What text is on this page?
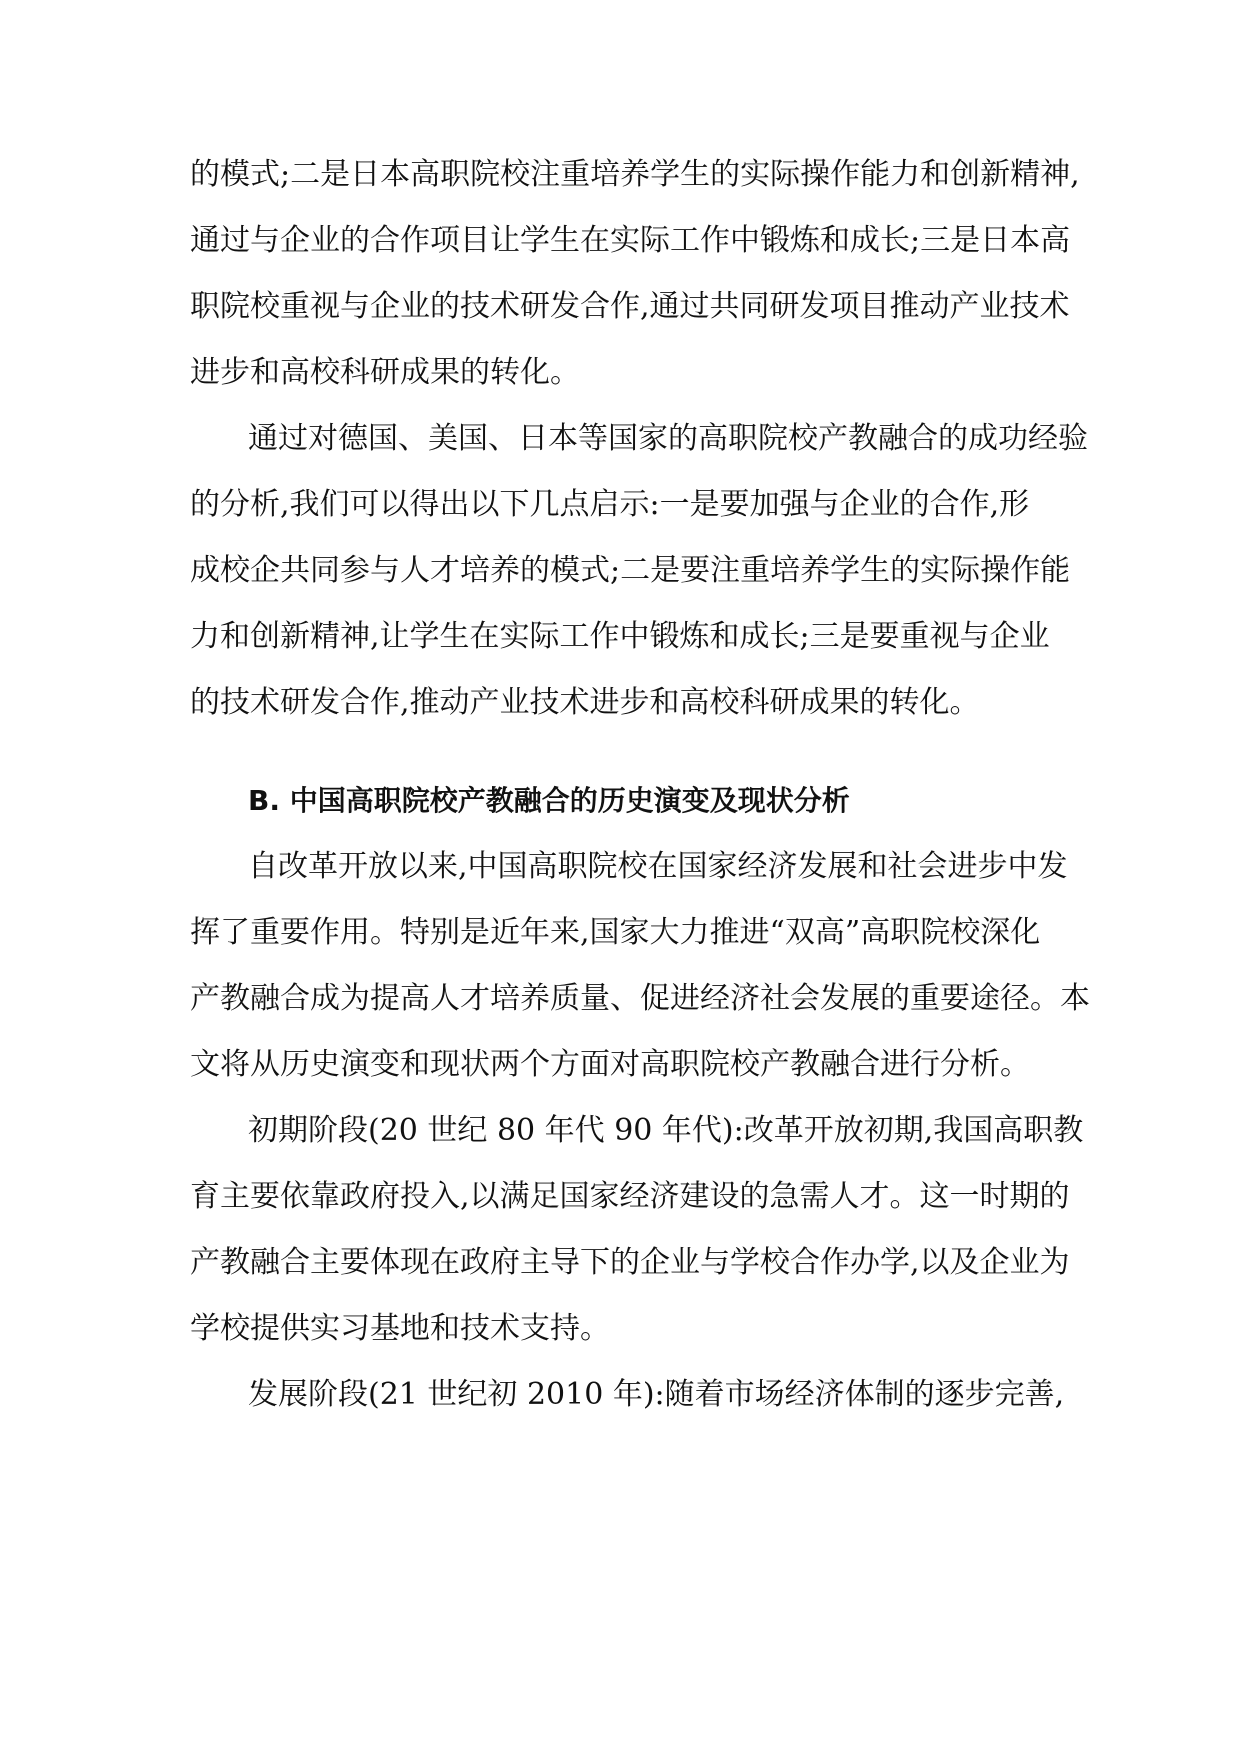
的模式;二是日本高职院校注重培养学生的实际操作能力和创新精神,
通过与企业的合作项目让学生在实际工作中锻炼和成长;三是日本高
职院校重视与企业的技术研发合作,通过共同研发项目推动产业技术
进步和高校科研成果的转化。
通过对德国、美国、日本等国家的高职院校产教融合的成功经验
的分析,我们可以得出以下几点启示:一是要加强与企业的合作,形
成校企共同参与人才培养的模式;二是要注重培养学生的实际操作能
力和创新精神,让学生在实际工作中锻炼和成长;三是要重视与企业
的技术研发合作,推动产业技术进步和高校科研成果的转化。
B. 中国高职院校产教融合的历史演变及现状分析
自改革开放以来,中国高职院校在国家经济发展和社会进步中发
挥了重要作用。特别是近年来,国家大力推进“双高”高职院校深化
产教融合成为提高人才培养质量、促进经济社会发展的重要途径。本
文将从历史演变和现状两个方面对高职院校产教融合进行分析。
初期阶段(20 世纪 80 年代 90 年代):改革开放初期,我国高职教
育主要依靠政府投入,以满足国家经济建设的急需人才。这一时期的
产教融合主要体现在政府主导下的企业与学校合作办学,以及企业为
学校提供实习基地和技术支持。
发展阶段(21 世纪初 2010 年):随着市场经济体制的逐步完善,
